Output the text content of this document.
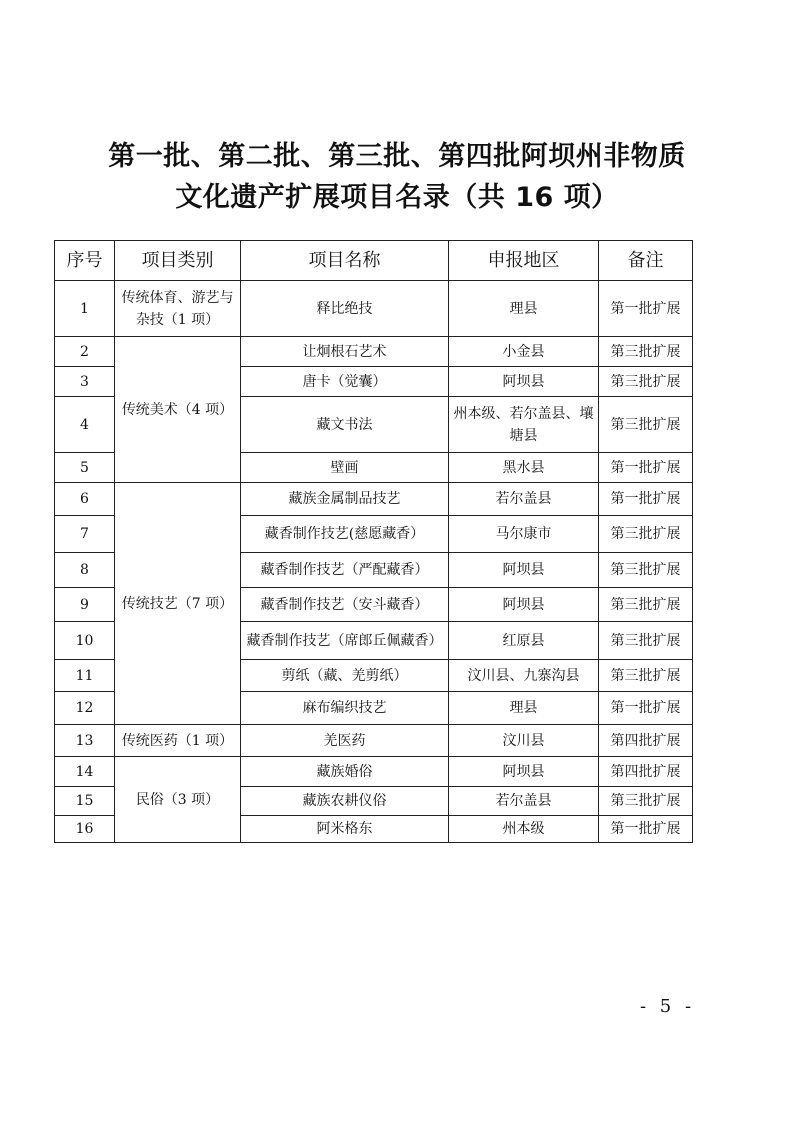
第一批、第二批、第三批、第四批阿坝州非物质
文化遗产扩展项目名录（共 16 项）
序号	项目类别	项目名称	申报地区	备注
1	传统体育、游艺与杂技（1 项）	释比绝技	理县	第一批扩展
2	传统美术（4 项）	让炯根石艺术	小金县	第三批扩展
3		唐卡（觉囊）	阿坝县	第三批扩展
4		藏文书法	州本级、若尔盖县、壤塘县	第三批扩展
5		壁画	黑水县	第一批扩展
6	传统技艺（7 项）	藏族金属制品技艺	若尔盖县	第一批扩展
7		藏香制作技艺(慈愿藏香）	马尔康市	第三批扩展
8		藏香制作技艺（严配藏香）	阿坝县	第三批扩展
9		藏香制作技艺（安斗藏香）	阿坝县	第三批扩展
10		藏香制作技艺（席郎丘佩藏香）	红原县	第三批扩展
11		剪纸（藏、羌剪纸）	汶川县、九寨沟县	第三批扩展
12		麻布编织技艺	理县	第一批扩展
13	传统医药（1 项）	羌医药	汶川县	第四批扩展
14	民俗（3 项）	藏族婚俗	阿坝县	第四批扩展
15		藏族农耕仪俗	若尔盖县	第三批扩展
16		阿米格东	州本级	第一批扩展
- 5 -
